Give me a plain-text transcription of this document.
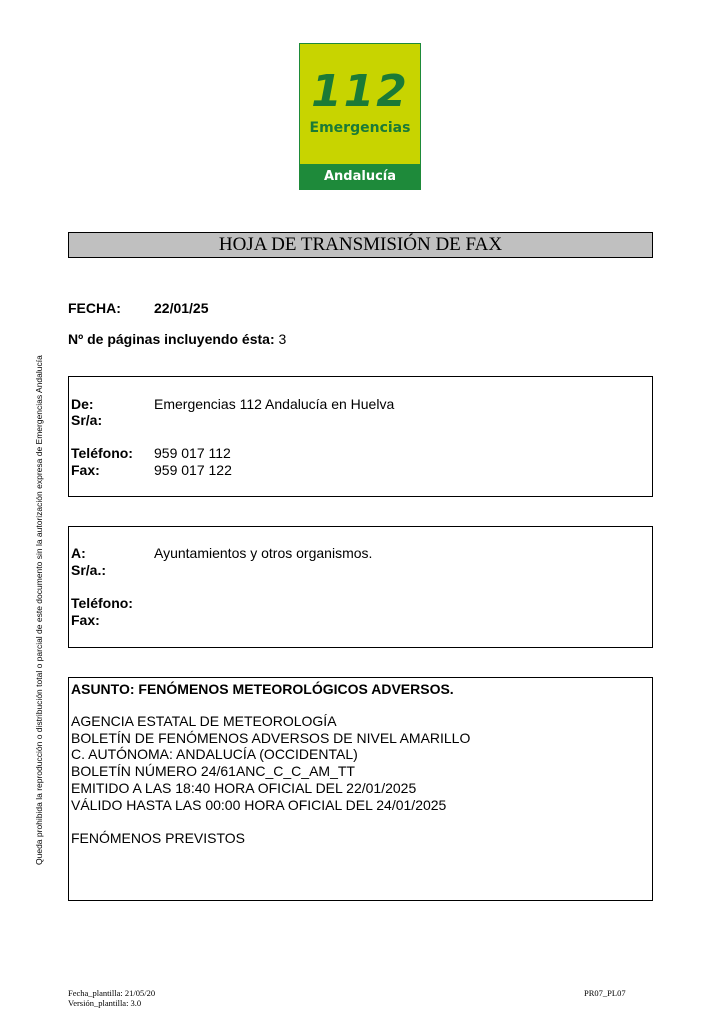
112
Emergencias
Andalucía
HOJA DE TRANSMISIÓN DE FAX
FECHA: 22/01/25
Nº de páginas incluyendo ésta: 3
De:	Emergencias 112 Andalucía en Huelva
Sr/a:
Teléfono: 959 017 112
Fax:	959 017 122
A:	Ayuntamientos y otros organismos.
Sr/a.:
Teléfono:
Fax:
ASUNTO: FENÓMENOS METEOROLÓGICOS ADVERSOS.
AGENCIA ESTATAL DE METEOROLOGÍA
BOLETÍN DE FENÓMENOS ADVERSOS DE NIVEL AMARILLO
C. AUTÓNOMA: ANDALUCÍA (OCCIDENTAL)
BOLETÍN NÚMERO 24/61ANC_C_C_AM_TT
EMITIDO A LAS 18:40 HORA OFICIAL DEL 22/01/2025
VÁLIDO HASTA LAS 00:00 HORA OFICIAL DEL 24/01/2025
FENÓMENOS PREVISTOS
Queda prohibida la reproducción o distribución total o parcial de este documento sin la autorización expresa de Emergencias Andalucía
Fecha_plantilla: 21/05/20
Versión_plantilla: 3.0
PR07_PL07
